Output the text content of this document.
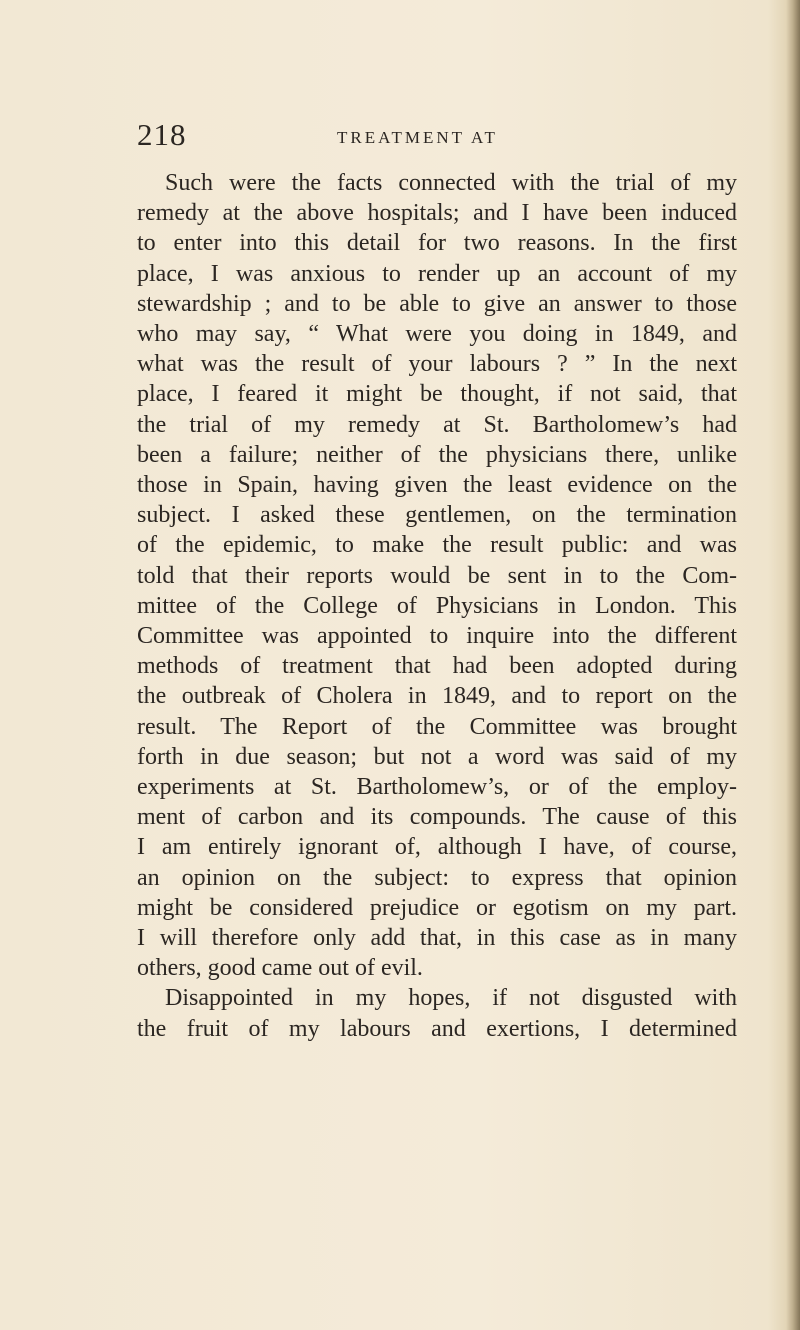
218	TREATMENT AT
Such were the facts connected with the trial of my
remedy at the above hospitals; and I have been induced
to enter into this detail for two reasons. In the first
place, I was anxious to render up an account of my
stewardship ; and to be able to give an answer to those
who may say, “ What were you doing in 1849, and
what was the result of your labours ? ” In the next
place, I feared it might be thought, if not said, that
the trial of my remedy at St. Bartholomew’s had
been a failure; neither of the physicians there, unlike
those in Spain, having given the least evidence on the
subject. I asked these gentlemen, on the termination
of the epidemic, to make the result public: and was
told that their reports would be sent in to the Com-
mittee of the College of Physicians in London. This
Committee was appointed to inquire into the different
methods of treatment that had been adopted during
the outbreak of Cholera in 1849, and to report on the
result. The Report of the Committee was brought
forth in due season; but not a word was said of my
experiments at St. Bartholomew’s, or of the employ-
ment of carbon and its compounds. The cause of this
I am entirely ignorant of, although I have, of course,
an opinion on the subject: to express that opinion
might be considered prejudice or egotism on my part.
I will therefore only add that, in this case as in many
others, good came out of evil.
Disappointed in my hopes, if not disgusted with
the fruit of my labours and exertions, I determined
